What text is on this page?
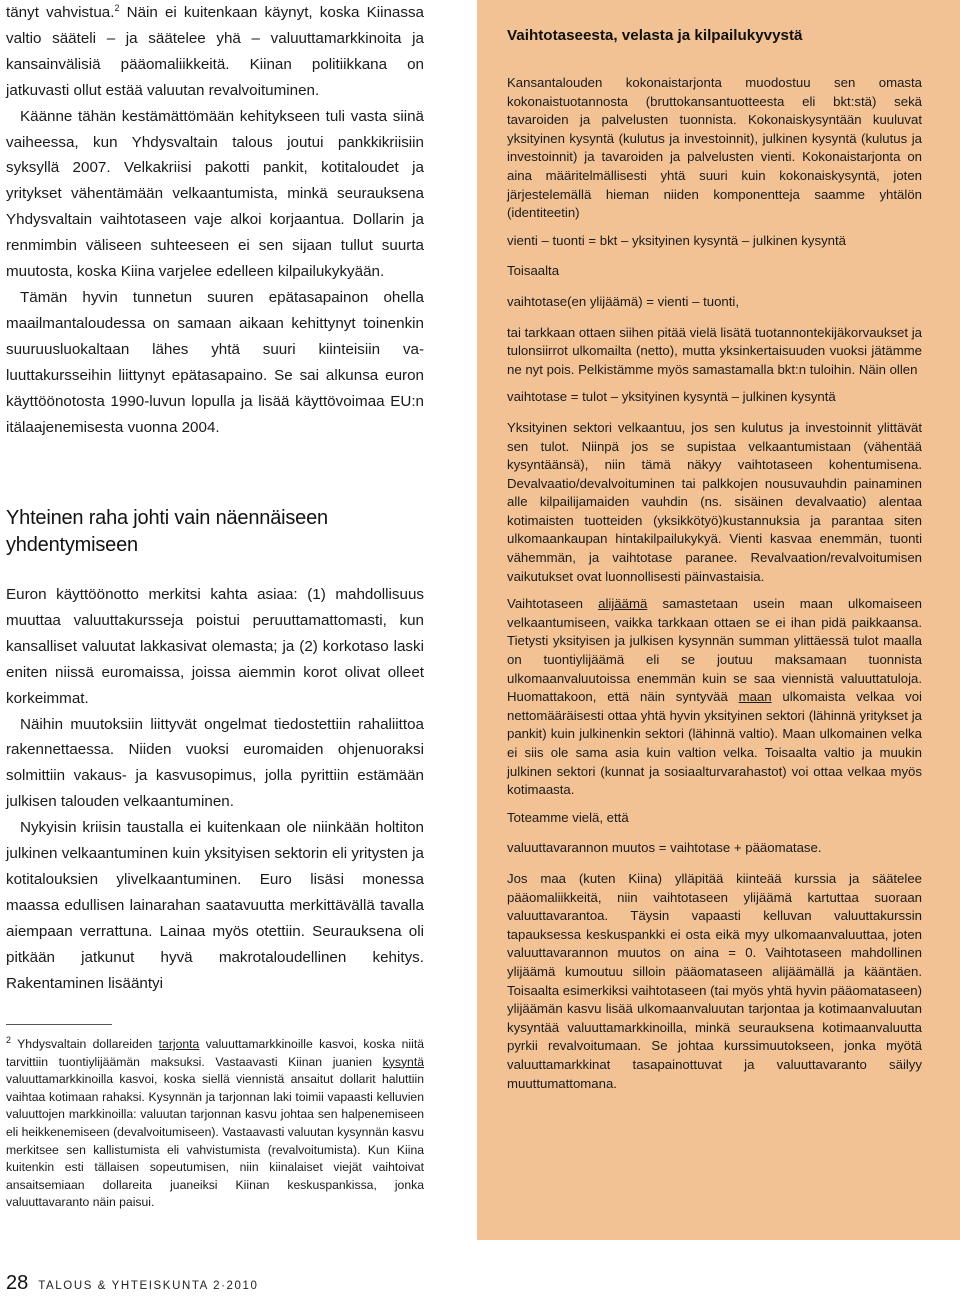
tänyt vahvistua.$^2$ Näin ei kuitenkaan käynyt, koska Kiinassa valtio sääteli – ja säätelee yhä – valuuttamarkkinoita ja kansainvälisiä pääomaliikkeitä. Kiinan politiikkana on jatkuvasti ollut estää valuutan revalvoituminen.

Käänne tähän kestämättömään kehitykseen tuli vasta siinä vaiheessa, kun Yhdysvaltain talous joutui pankkikriisiin syksyllä 2007. Velkakriisi pakotti pankit, kotitaloudet ja yritykset vähentämään velkaantumista, minkä seurauksena Yhdysvaltain vaihtotaseen vaje alkoi korjaantua. Dollarin ja renmimbin väliseen suhteeseen ei sen sijaan tullut suurta muutosta, koska Kiina varjelee edelleen kilpailukykyään.

Tämän hyvin tunnetun suuren epätasapainon ohella maailmantaloudessa on samaan aikaan kehittynyt toinenkin suuruusluokaltaan lähes yhtä suuri kiinteisiin valuuttakursseihin liittynyt epätasapaino. Se sai alkunsa euron käyttöönotosta 1990-luvun lopulla ja lisää käyttövoimaa EU:n itälaajenemisesta vuonna 2004.

Yhteinen raha johti vain näennäiseen yhdentymiseen

Euron käyttöönotto merkitsi kahta asiaa: (1) mahdollisuus muuttaa valuuttakursseja poistui peruuttamattomasti, kun kansalliset valuutat lakkasivat olemasta; ja (2) korkotaso laski eniten niissä euromaissa, joissa aiemmin korot olivat olleet korkeimmat.

Näihin muutoksiin liittyvät ongelmat tiedostettiin rahaliittoa rakennettaessa. Niiden vuoksi euromaiden ohjenuoraksi solmittiin vakaus- ja kasvusopimus, jolla pyrittiin estämään julkisen talouden velkaantuminen.

Nykyisin kriisin taustalla ei kuitenkaan ole niinkään holtiton julkinen velkaantuminen kuin yksityisen sektorin eli yritysten ja kotitalouksien ylivelkaantuminen. Euro lisäsi monessa maassa edullisen lainarahan saatavuutta merkittävällä tavalla aiempaan verrattuna. Lainaa myös otettiin. Seurauksena oli pitkään jatkunut hyvä makrotaloudellinen kehitys. Rakentaminen lisääntyi

$^2$ Yhdysvaltain dollareiden tarjonta valuuttamarkkinoille kasvoi, koska niitä tarvittiin tuontiylijäämän maksuksi. Vastaavasti Kiinan juanien kysyntä valuuttamarkkinoilla kasvoi, koska siellä viennistä ansaitut dollarit haluttiin vaihtaa kotimaan rahaksi. Kysynnän ja tarjonnan laki toimii vapaasti kelluvien valuuttojen markkinoilla: valuutan tarjonnan kasvu johtaa sen halpenemiseen eli heikkenemiseen (devalvoitumiseen). Vastaavasti valuutan kysynnän kasvu merkitsee sen kallistumista eli vahvistumista (revalvoitumista). Kun Kiina kuitenkin esti tällaisen sopeutumisen, niin kiinalaiset viejät vaihtoivat ansaitsemiaan dollareita juaneiksi Kiinan keskuspankissa, jonka valuuttavaranto näin paisui.

28 TALOUS & YHTEISKUNTA 2·2010
Vaihtotaseesta, velasta ja kilpailukyvystä

Kansantalouden kokonaistarjonta muodostuu sen omasta kokonaistuotannosta (bruttokansantuotteesta eli bkt:stä) sekä tavaroiden ja palvelusten tuonnista. Kokonaiskysyntään kuuluvat yksityinen kysyntä (kulutus ja investoinnit), julkinen kysyntä (kulutus ja investoinnit) ja tavaroiden ja palvelusten vienti. Kokonaistarjonta on aina määritelmällisesti yhtä suuri kuin kokonaiskysyntä, joten järjestelemällä hieman niiden komponentteja saamme yhtälön (identiteetin)

vienti – tuonti = bkt – yksityinen kysyntä – julkinen kysyntä

Toisaalta

vaihtotase(en ylijäämä) = vienti – tuonti,

tai tarkkaan ottaen siihen pitää vielä lisätä tuotannontekijäkorvaukset ja tulonsiirrot ulkomailta (netto), mutta yksinkertaisuuden vuoksi jätämme ne nyt pois. Pelkistämme myös samastamalla bkt:n tuloihin. Näin ollen

vaihtotase = tulot – yksityinen kysyntä – julkinen kysyntä

Yksityinen sektori velkaantuu, jos sen kulutus ja investoinnit ylittävät sen tulot. Niinpä jos se supistaa velkaantumistaan (vähentää kysyntäänsä), niin tämä näkyy vaihtotaseen kohentumisena. Devalvaatio/devalvoituminen tai palkkojen nousuvauhdin painaminen alle kilpailijamaiden vauhdin (ns. sisäinen devalvaatio) alentaa kotimaisten tuotteiden (yksikkötyö)kustannuksia ja parantaa siten ulkomaankaupan hintakilpailukykyä. Vienti kasvaa enemmän, tuonti vähemmän, ja vaihtotase paranee. Revalvaation/revalvoitumisen vaikutukset ovat luonnollisesti päinvastaisia.

Vaihtotaseen alijäämä samastetaan usein maan ulkomaiseen velkaantumiseen, vaikka tarkkaan ottaen se ei ihan pidä paikkaansa. Tietysti yksityisen ja julkisen kysynnän summan ylittäessä tulot maalla on tuontiylijäämä eli se joutuu maksamaan tuonnista ulkomaanvaluutoissa enemmän kuin se saa viennistä valuuttatuloja. Huomattakoon, että näin syntyvää maan ulkomaista velkaa voi nettomääräisesti ottaa yhtä hyvin yksityinen sektori (lähinnä yritykset ja pankit) kuin julkinenkin sektori (lähinnä valtio). Maan ulkomainen velka ei siis ole sama asia kuin valtion velka. Toisaalta valtio ja muukin julkinen sektori (kunnat ja sosiaalturvarahastot) voi ottaa velkaa myös kotimaasta.

Toteamme vielä, että

valuuttavarannon muutos = vaihtotase + pääomatase.

Jos maa (kuten Kiina) ylläpitää kiinteää kurssia ja säätelee pääomaliikkeitä, niin vaihtotaseen ylijäämä kartuttaa suoraan valuuttavarantoa. Täysin vapaasti kelluvan valuuttakurssin tapauksessa keskuspankki ei osta eikä myy ulkomaanvaluuttaa, joten valuuttavarannon muutos on aina = 0. Vaihtotaseen mahdollinen ylijäämä kumoutuu silloin pääomataseen alijäämällä ja kääntäen. Toisaalta esimerkiksi vaihtotaseen (tai myös yhtä hyvin pääomataseen) ylijäämän kasvu lisää ulkomaanvaluutan tarjontaa ja kotimaanvaluutan kysyntää valuuttamarkkinoilla, minkä seurauksena kotimaanvaluutta pyrkii revalvoitumaan. Se johtaa kurssimuutokseen, jonka myötä valuuttamarkkinat tasapainottuvat ja valuuttavaranto säilyy muuttumattomana.
